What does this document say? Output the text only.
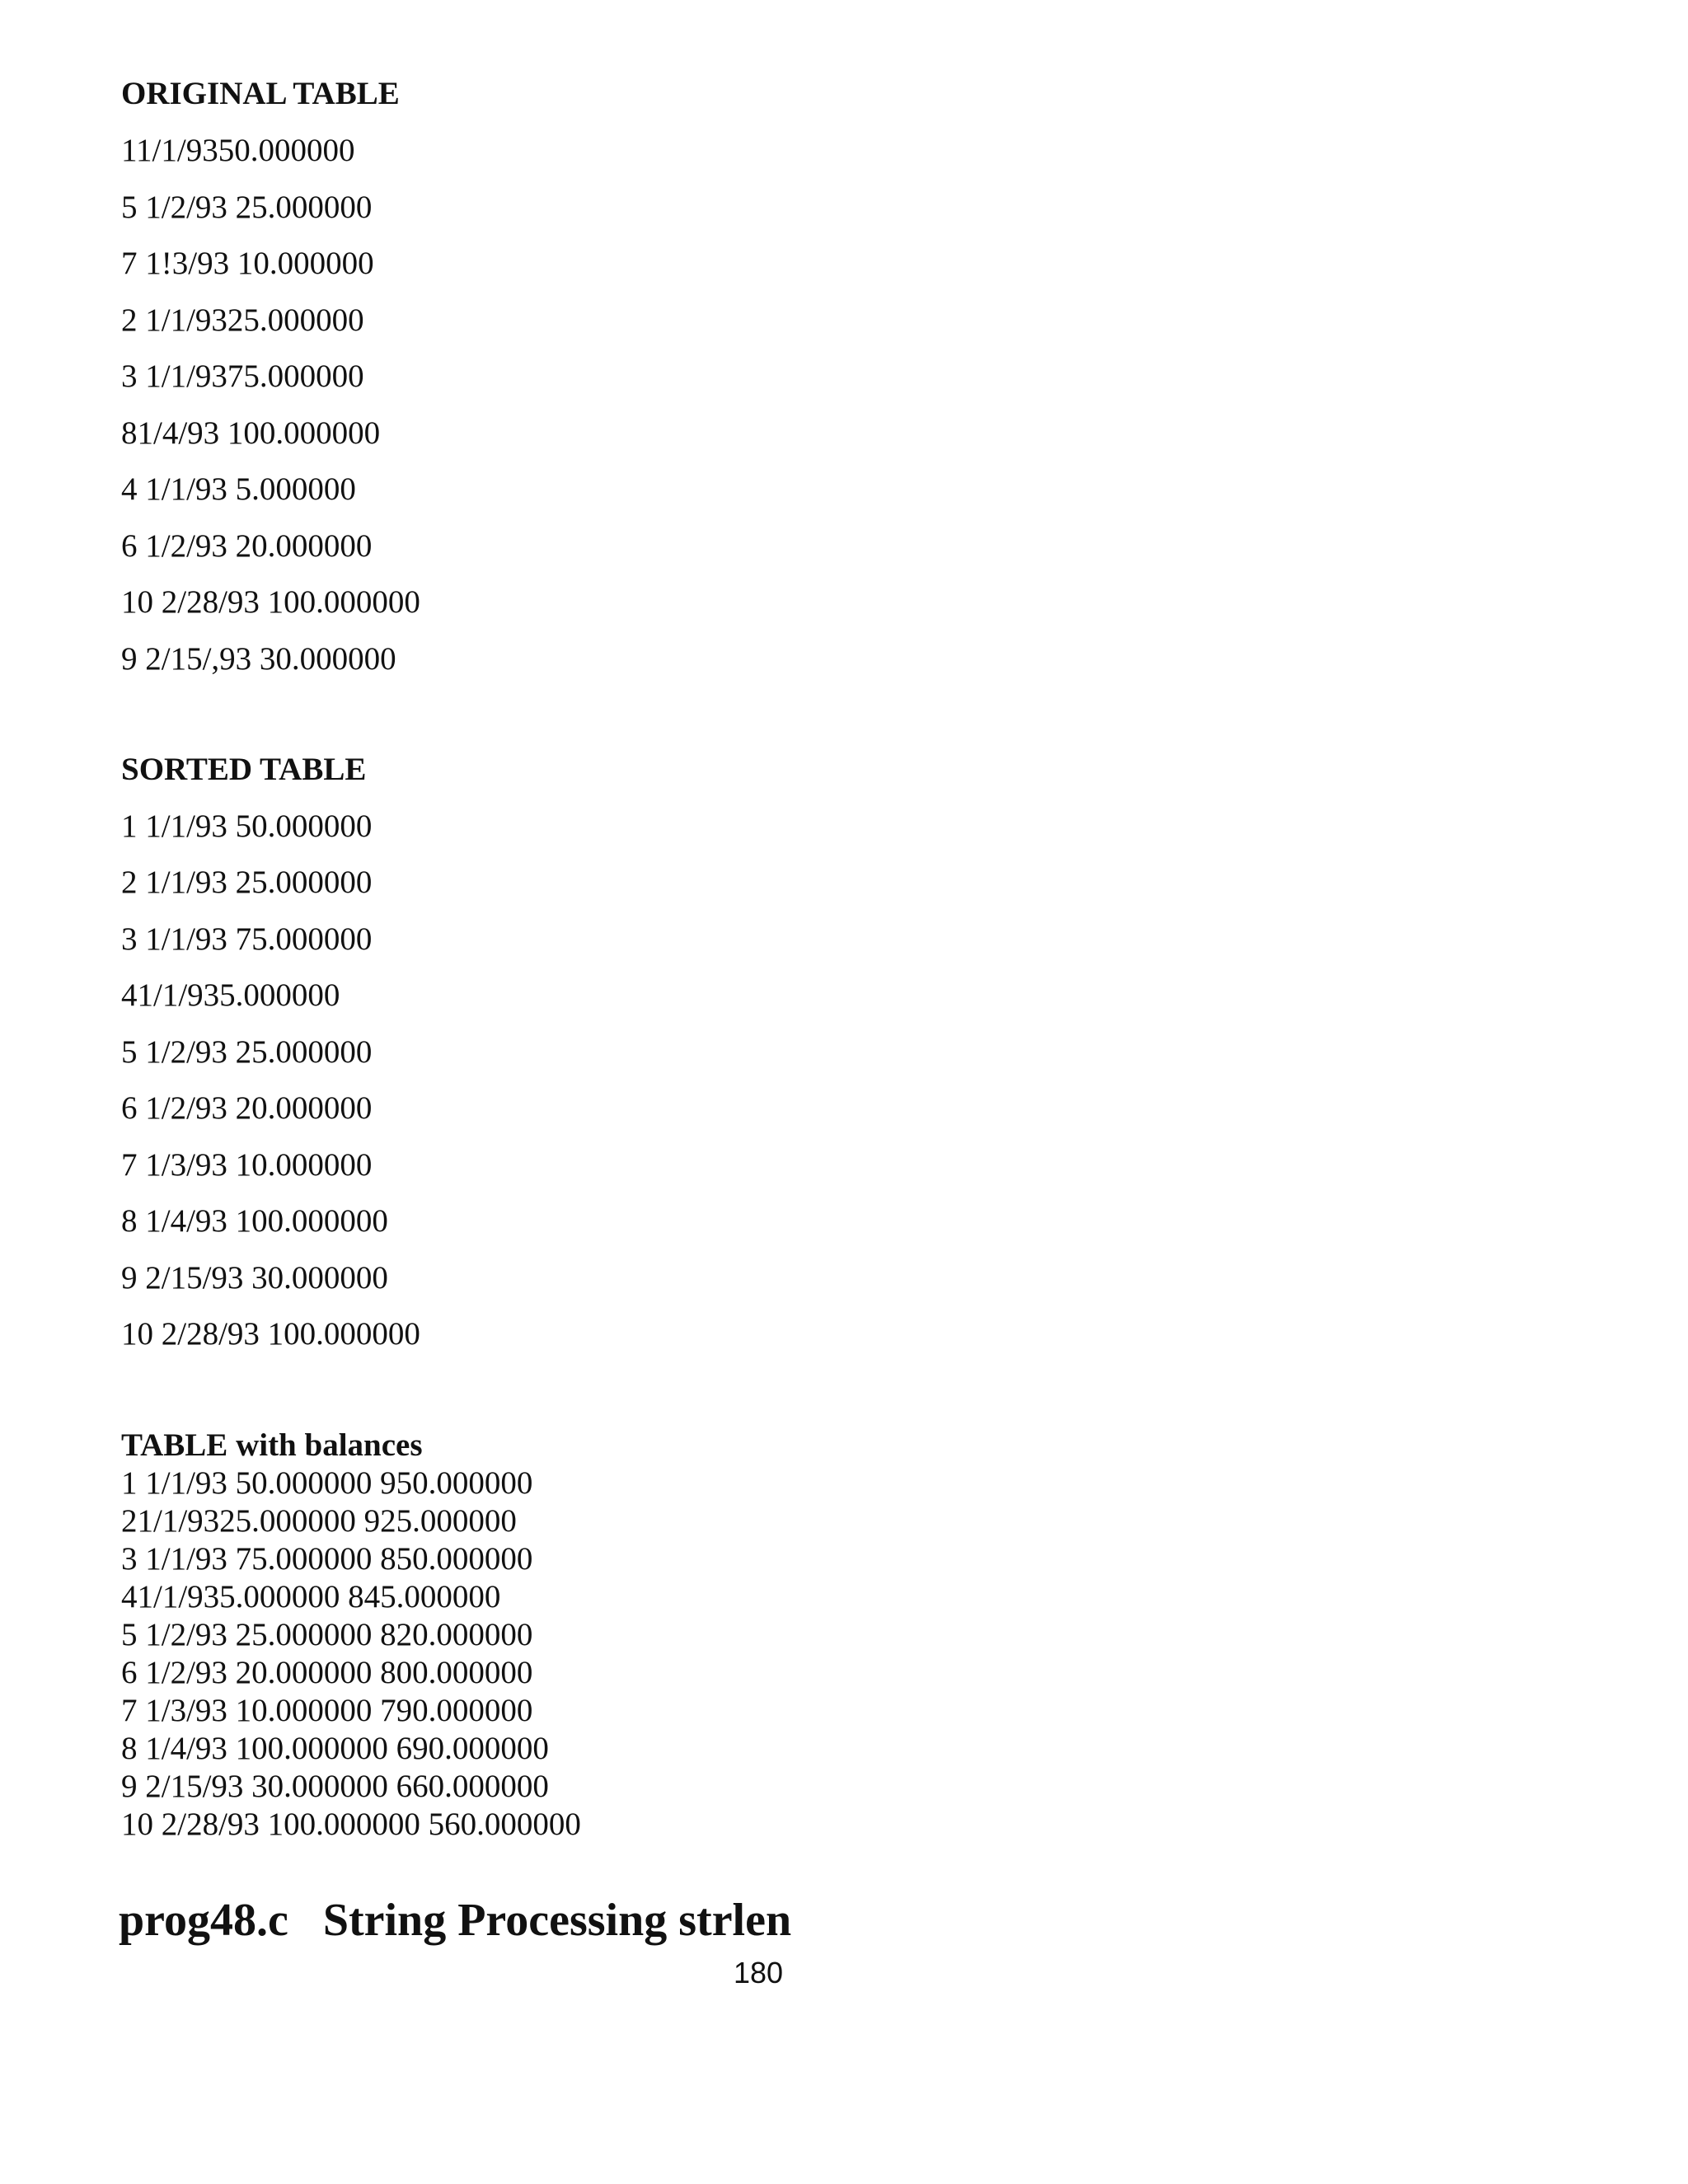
ORIGINAL TABLE
11/1/9350.000000
5 1/2/93 25.000000
7 1!3/93 10.000000
2 1/1/9325.000000
3 1/1/9375.000000
81/4/93 100.000000
4 1/1/93 5.000000
6 1/2/93 20.000000
10 2/28/93 100.000000
9 2/15/,93 30.000000
SORTED TABLE
1 1/1/93 50.000000
2 1/1/93 25.000000
3 1/1/93 75.000000
41/1/935.000000
5 1/2/93 25.000000
6 1/2/93 20.000000
7 1/3/93 10.000000
8 1/4/93 100.000000
9 2/15/93 30.000000
10 2/28/93 100.000000
TABLE with balances
1 1/1/93 50.000000 950.000000
21/1/9325.000000 925.000000
3 1/1/93 75.000000 850.000000
41/1/935.000000 845.000000
5 1/2/93 25.000000 820.000000
6 1/2/93 20.000000 800.000000
7 1/3/93 10.000000 790.000000
8 1/4/93 100.000000 690.000000
9 2/15/93 30.000000 660.000000
10 2/28/93 100.000000 560.000000
prog48.c String Processing strlen
180
